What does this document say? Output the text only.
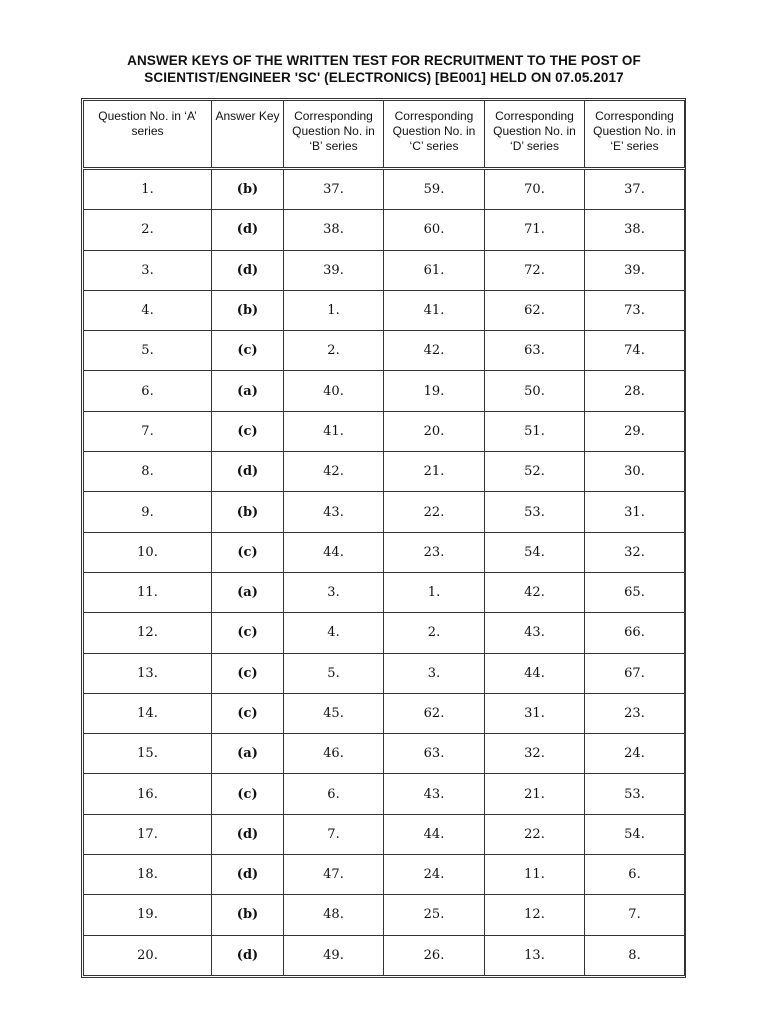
ANSWER KEYS OF THE WRITTEN TEST FOR RECRUITMENT TO THE POST OF
SCIENTIST/ENGINEER 'SC' (ELECTRONICS) [BE001] HELD ON 07.05.2017
Question No. in ‘A’ series	Answer Key	Corresponding Question No. in ‘B’ series	Corresponding Question No. in ‘C’ series	Corresponding Question No. in ‘D’ series	Corresponding Question No. in ‘E’ series
1.	(b)	37.	59.	70.	37.
2.	(d)	38.	60.	71.	38.
3.	(d)	39.	61.	72.	39.
4.	(b)	1.	41.	62.	73.
5.	(c)	2.	42.	63.	74.
6.	(a)	40.	19.	50.	28.
7.	(c)	41.	20.	51.	29.
8.	(d)	42.	21.	52.	30.
9.	(b)	43.	22.	53.	31.
10.	(c)	44.	23.	54.	32.
11.	(a)	3.	1.	42.	65.
12.	(c)	4.	2.	43.	66.
13.	(c)	5.	3.	44.	67.
14.	(c)	45.	62.	31.	23.
15.	(a)	46.	63.	32.	24.
16.	(c)	6.	43.	21.	53.
17.	(d)	7.	44.	22.	54.
18.	(d)	47.	24.	11.	6.
19.	(b)	48.	25.	12.	7.
20.	(d)	49.	26.	13.	8.
